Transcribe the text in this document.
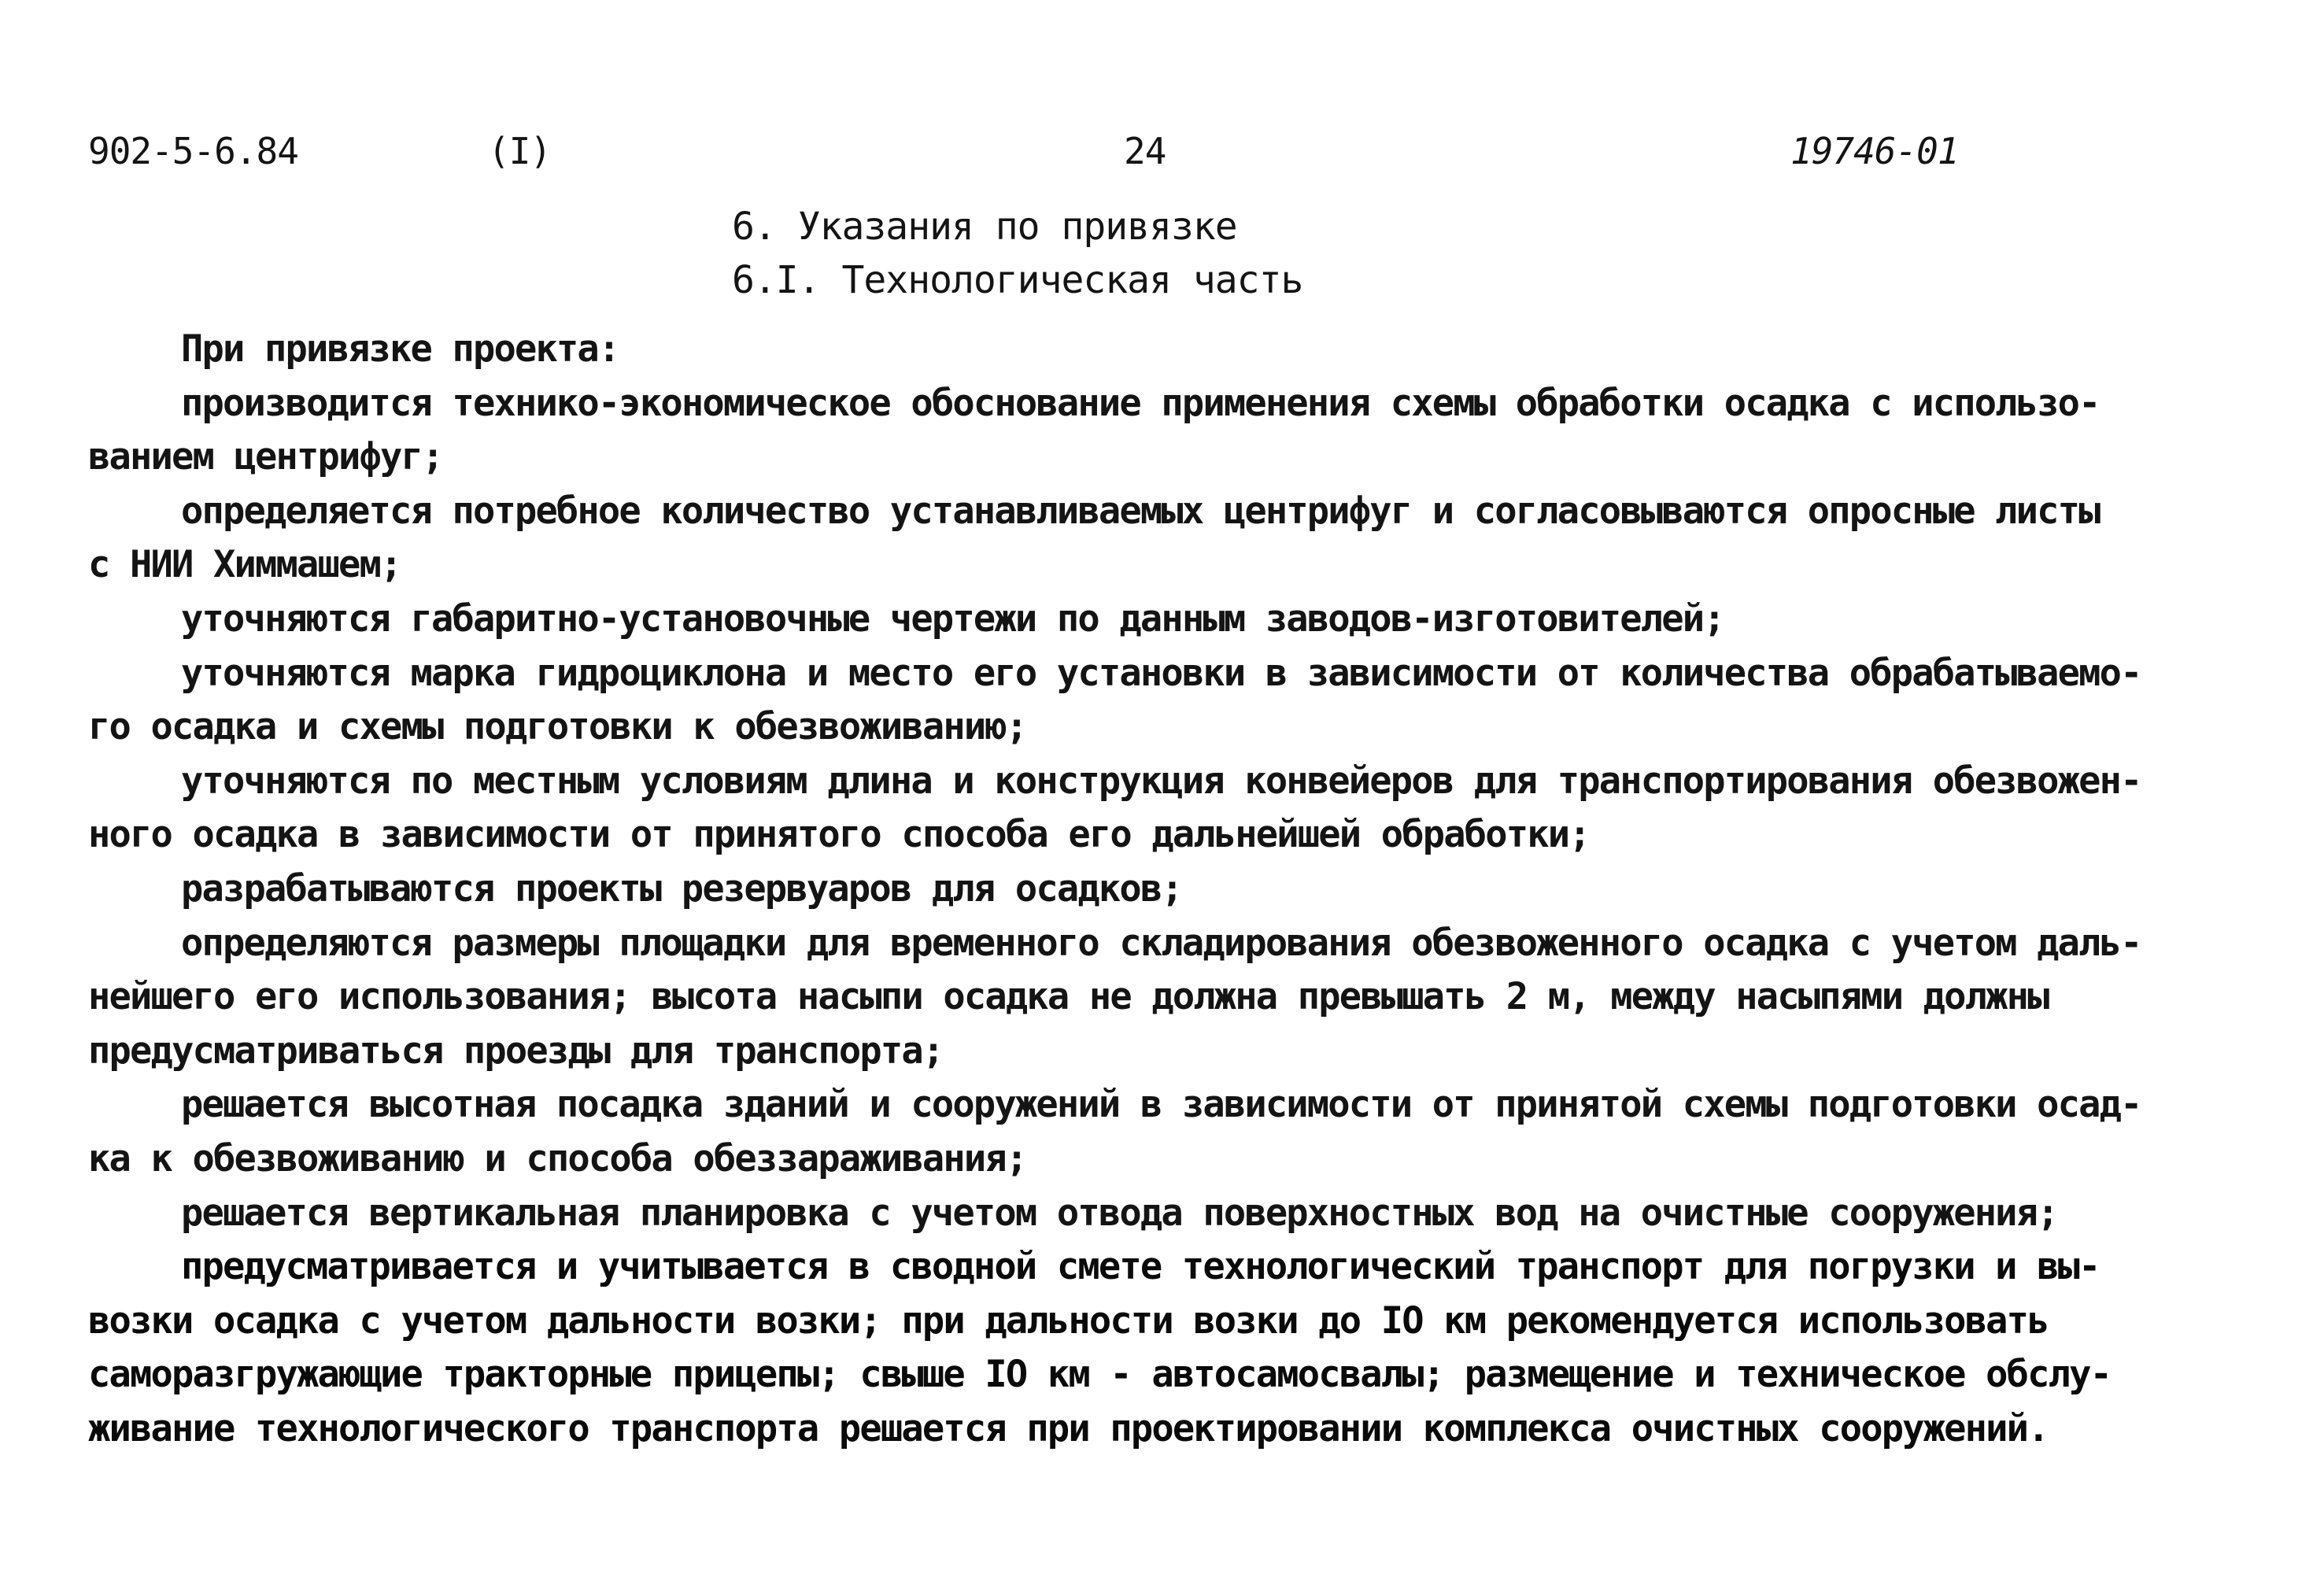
902-5-6.84	(I)	24	19746-01
6. Указания по привязке
6.I. Технологическая часть
При привязке проекта:
производится технико-экономическое обоснование применения схемы обработки осадка с использо-
ванием центрифуг;
определяется потребное количество устанавливаемых центрифуг и согласовываются опросные листы
с НИИ Химмашем;
уточняются габаритно-установочные чертежи по данным заводов-изготовителей;
уточняются марка гидроциклона и место его установки в зависимости от количества обрабатываемо-
го осадка и схемы подготовки к обезвоживанию;
уточняются по местным условиям длина и конструкция конвейеров для транспортирования обезвожен-
ного осадка в зависимости от принятого способа его дальнейшей обработки;
разрабатываются проекты резервуаров для осадков;
определяются размеры площадки для временного складирования обезвоженного осадка с учетом даль-
нейшего его использования; высота насыпи осадка не должна превышать 2 м, между насыпями должны
предусматриваться проезды для транспорта;
решается высотная посадка зданий и сооружений в зависимости от принятой схемы подготовки осад-
ка к обезвоживанию и способа обеззараживания;
решается вертикальная планировка с учетом отвода поверхностных вод на очистные сооружения;
предусматривается и учитывается в сводной смете технологический транспорт для погрузки и вы-
возки осадка с учетом дальности возки; при дальности возки до IO км рекомендуется использовать
саморазгружающие тракторные прицепы; свыше IO км - автосамосвалы; размещение и техническое обслу-
живание технологического транспорта решается при проектировании комплекса очистных сооружений.
